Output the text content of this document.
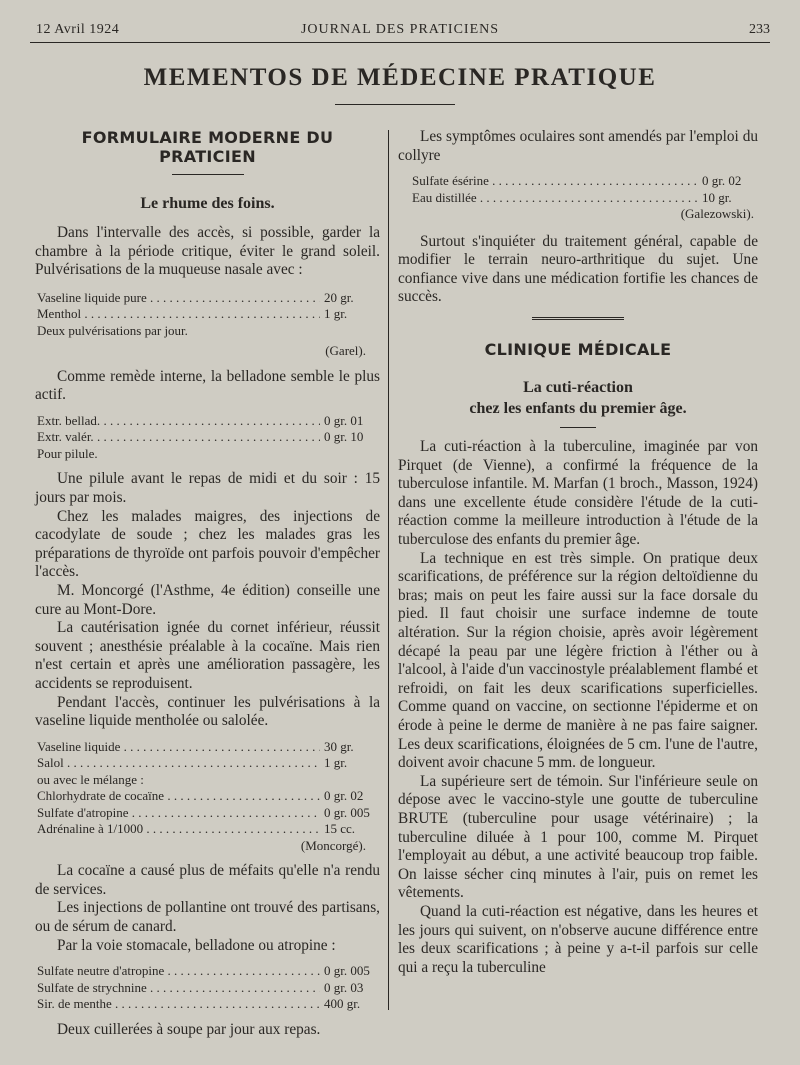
12 Avril 1924	JOURNAL DES PRATICIENS	233
MEMENTOS DE MÉDECINE PRATIQUE
FORMULAIRE MODERNE DU PRATICIEN
Le rhume des foins.

Dans l'intervalle des accès, si possible, garder la chambre à la période critique, éviter le grand soleil. Pulvérisations de la muqueuse nasale avec :

Vaseline liquide pure . . .	20 gr.
Menthol . . .	1 gr.
Deux pulvérisations par jour.
(Garel).

Comme remède interne, la belladone semble le plus actif.

Extr. bellad. . . .	0 gr. 01
Extr. valér. . . .	0 gr. 10
Pour pilule.

Une pilule avant le repas de midi et du soir : 15 jours par mois.

Chez les malades maigres, des injections de cacodylate de soude ; chez les malades gras les préparations de thyroïde ont parfois pouvoir d'empêcher l'accès.

M. Moncorgé (l'Asthme, 4e édition) conseille une cure au Mont-Dore.

La cautérisation ignée du cornet inférieur, réussit souvent ; anesthésie préalable à la cocaïne. Mais rien n'est certain et après une amélioration passagère, les accidents se reproduisent.

Pendant l'accès, continuer les pulvérisations à la vaseline liquide mentholée ou salolée.

Vaseline liquide . . .	30 gr.
Salol . . .	1 gr.
ou avec le mélange :
Chlorhydrate de cocaïne . . .	0 gr. 02
Sulfate d'atropine . . .	0 gr. 005
Adrénaline à 1/1000 . . .	15 cc.
(Moncorgé).

La cocaïne a causé plus de méfaits qu'elle n'a rendu de services.

Les injections de pollantine ont trouvé des partisans, ou de sérum de canard.

Par la voie stomacale, belladone ou atropine :

Sulfate neutre d'atropine . . .	0 gr. 005
Sulfate de strychnine . . .	0 gr. 03
Sir. de menthe . . .	400 gr.

Deux cuillerées à soupe par jour aux repas.

Les symptômes oculaires sont amendés par l'emploi du collyre

Sulfate ésérine . . .	0 gr. 02
Eau distillée . . .	10 gr.
(Galezowski).

Surtout s'inquiéter du traitement général, capable de modifier le terrain neuro-arthritique du sujet. Une confiance vive dans une médication fortifie les chances de succès.

CLINIQUE MÉDICALE
La cuti-réaction
chez les enfants du premier âge.

La cuti-réaction à la tuberculine, imaginée par von Pirquet (de Vienne), a confirmé la fréquence de la tuberculose infantile. M. Marfan (1 broch., Masson, 1924) dans une excellente étude considère l'étude de la cuti-réaction comme la meilleure introduction à l'étude de la tuberculose des enfants du premier âge.

La technique en est très simple. On pratique deux scarifications, de préférence sur la région deltoïdienne du bras; mais on peut les faire aussi sur la face dorsale du pied. Il faut choisir une surface indemne de toute altération. Sur la région choisie, après avoir légèrement décapé la peau par une légère friction à l'éther ou à l'alcool, à l'aide d'un vaccinostyle préalablement flambé et refroidi, on fait les deux scarifications superficielles. Comme quand on vaccine, on sectionne l'épiderme et on érode à peine le derme de manière à ne pas faire saigner. Les deux scarifications, éloignées de 5 cm. l'une de l'autre, doivent avoir chacune 5 mm. de longueur.

La supérieure sert de témoin. Sur l'inférieure seule on dépose avec le vaccino-style une goutte de tuberculine BRUTE (tuberculine pour usage vétérinaire) ; la tuberculine diluée à 1 pour 100, comme M. Pirquet l'employait au début, a une activité beaucoup trop faible. On laisse sécher cinq minutes à l'air, puis on remet les vêtements.

Quand la cuti-réaction est négative, dans les heures et les jours qui suivent, on n'observe aucune différence entre les deux scarifications ; à peine y a-t-il parfois sur celle qui a reçu la tuberculine
